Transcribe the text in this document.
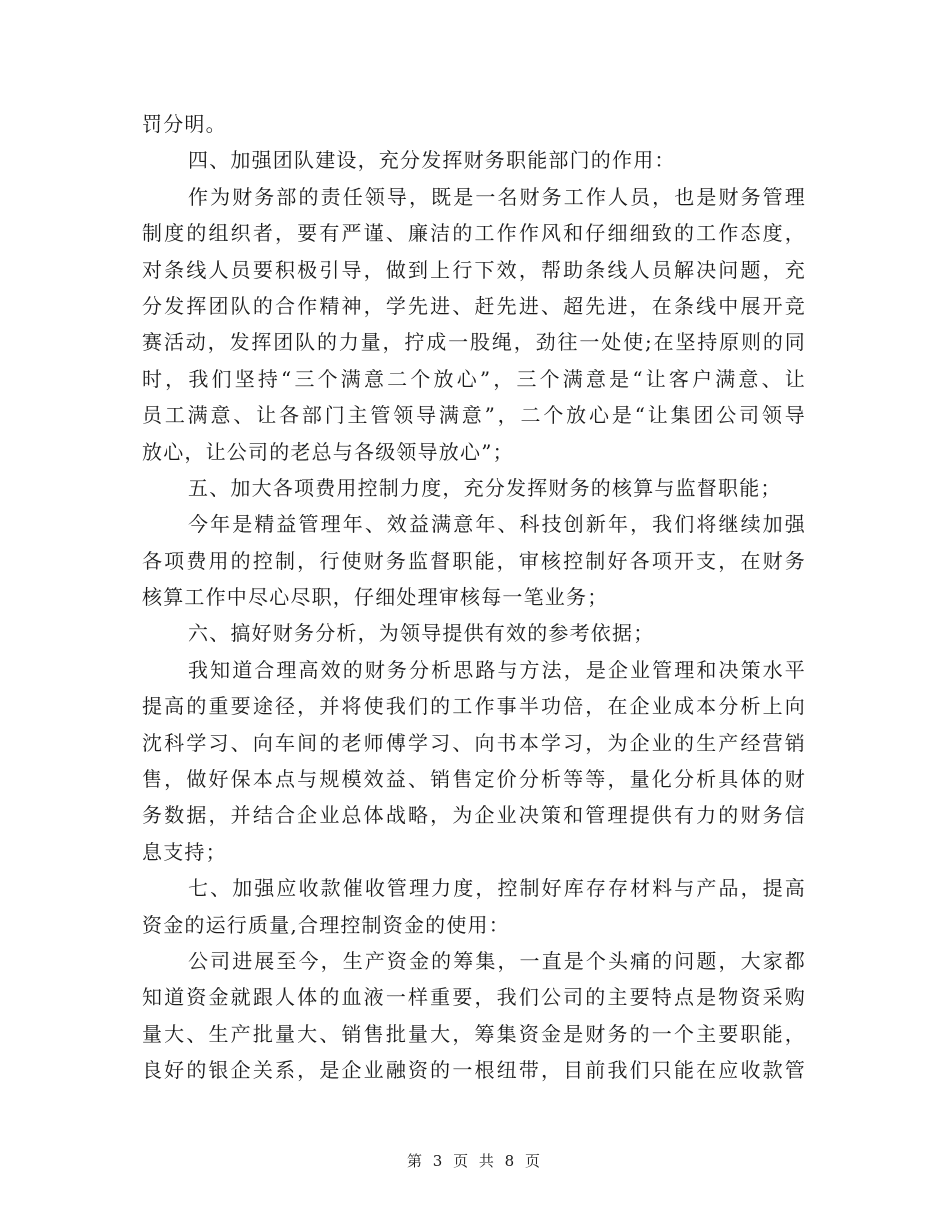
罚分明。
四、加强团队建设，充分发挥财务职能部门的作用：
作为财务部的责任领导，既是一名财务工作人员，也是财务管理
制度的组织者，要有严谨、廉洁的工作作风和仔细细致的工作态度，
对条线人员要积极引导，做到上行下效，帮助条线人员解决问题，充
分发挥团队的合作精神，学先进、赶先进、超先进，在条线中展开竞
赛活动，发挥团队的力量，拧成一股绳，劲往一处使;在坚持原则的同
时，我们坚持“三个满意二个放心”，三个满意是“让客户满意、让
员工满意、让各部门主管领导满意”，二个放心是“让集团公司领导
放心，让公司的老总与各级领导放心”；
五、加大各项费用控制力度，充分发挥财务的核算与监督职能；
今年是精益管理年、效益满意年、科技创新年，我们将继续加强
各项费用的控制，行使财务监督职能，审核控制好各项开支，在财务
核算工作中尽心尽职，仔细处理审核每一笔业务；
六、搞好财务分析，为领导提供有效的参考依据；
我知道合理高效的财务分析思路与方法，是企业管理和决策水平
提高的重要途径，并将使我们的工作事半功倍，在企业成本分析上向
沈科学习、向车间的老师傅学习、向书本学习，为企业的生产经营销
售，做好保本点与规模效益、销售定价分析等等，量化分析具体的财
务数据，并结合企业总体战略，为企业决策和管理提供有力的财务信
息支持；
七、加强应收款催收管理力度，控制好库存存材料与产品，提高
资金的运行质量,合理控制资金的使用：
公司进展至今，生产资金的筹集，一直是个头痛的问题，大家都
知道资金就跟人体的血液一样重要，我们公司的主要特点是物资采购
量大、生产批量大、销售批量大，筹集资金是财务的一个主要职能，
良好的银企关系，是企业融资的一根纽带，目前我们只能在应收款管
第 3 页 共 8 页
